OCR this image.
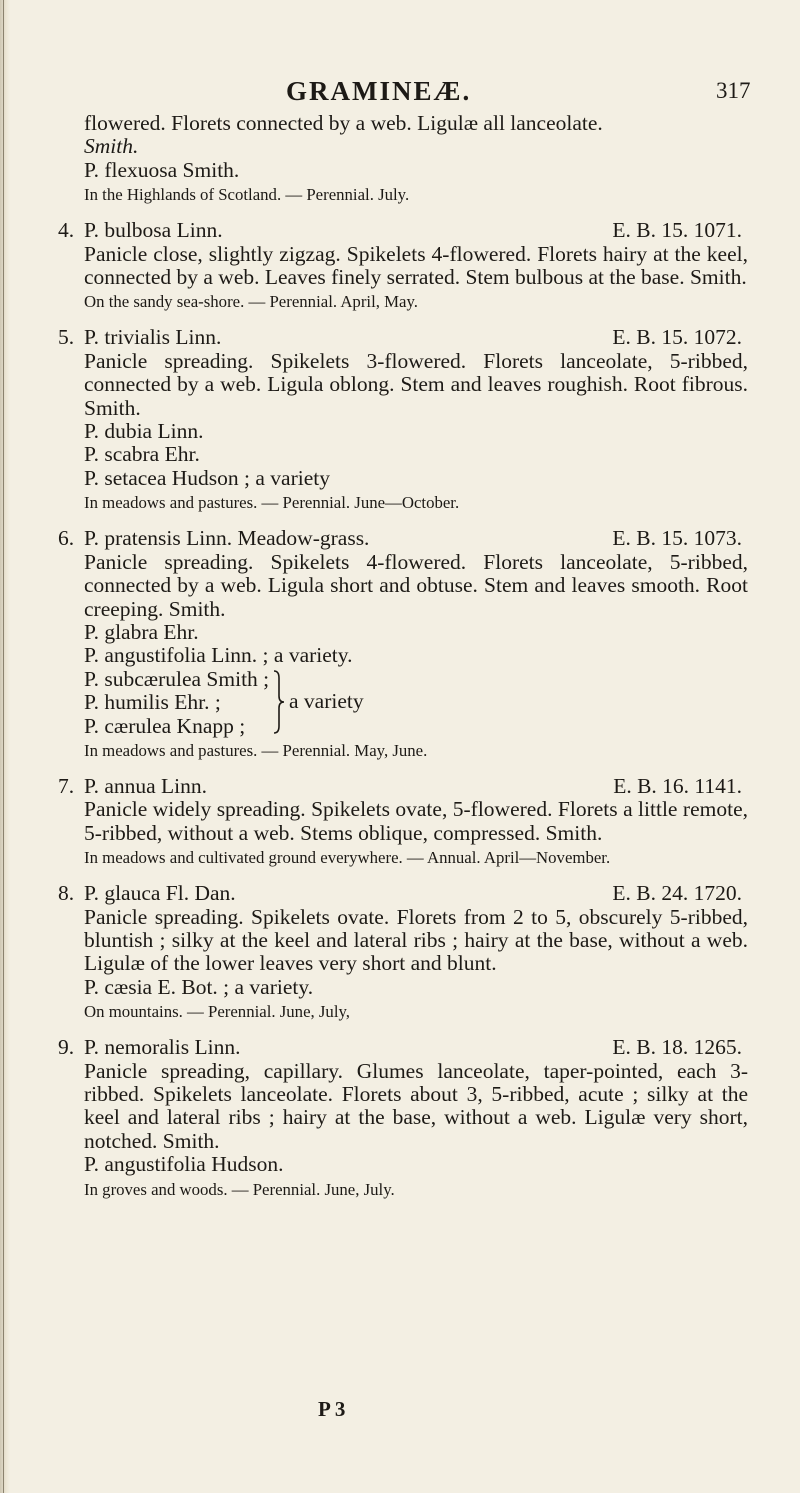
GRAMINEÆ.	317

flowered. Florets connected by a web. Ligulæ all lanceolate.

Smith.

P. flexuosa Smith.

In the Highlands of Scotland. — Perennial. July.

4. P. bulbosa Linn.	E. B. 15. 1071.

Panicle close, slightly zigzag. Spikelets 4-flowered. Florets hairy at the keel, connected by a web. Leaves finely serrated. Stem bulbous at the base. Smith.

On the sandy sea-shore. — Perennial. April, May.

5. P. trivialis Linn.	E. B. 15. 1072.

Panicle spreading. Spikelets 3-flowered. Florets lanceolate, 5-ribbed, connected by a web. Ligula oblong. Stem and leaves roughish. Root fibrous. Smith.

P. dubia Linn.

P. scabra Ehr.

P. setacea Hudson ; a variety

In meadows and pastures. — Perennial. June—October.

6. P. pratensis Linn. Meadow-grass.	E. B. 15. 1073.

Panicle spreading. Spikelets 4-flowered. Florets lanceolate, 5-ribbed, connected by a web. Ligula short and obtuse. Stem and leaves smooth. Root creeping. Smith.

P. glabra Ehr.

P. angustifolia Linn. ; a variety.

P. subcærulea Smith ;

P. humilis Ehr. ;

P. cærulea Knapp ;

a variety

In meadows and pastures. — Perennial. May, June.

7. P. annua Linn.	E. B. 16. 1141.

Panicle widely spreading. Spikelets ovate, 5-flowered. Florets a little remote, 5-ribbed, without a web. Stems oblique, compressed. Smith.

In meadows and cultivated ground everywhere. — Annual. April—November.

8. P. glauca Fl. Dan.	E. B. 24. 1720.

Panicle spreading. Spikelets ovate. Florets from 2 to 5, obscurely 5-ribbed, bluntish ; silky at the keel and lateral ribs ; hairy at the base, without a web. Ligulæ of the lower leaves very short and blunt.

P. cæsia E. Bot. ; a variety.

On mountains. — Perennial. June, July,

9. P. nemoralis Linn.	E. B. 18. 1265.

Panicle spreading, capillary. Glumes lanceolate, taper-pointed, each 3-ribbed. Spikelets lanceolate. Florets about 3, 5-ribbed, acute ; silky at the keel and lateral ribs ; hairy at the base, without a web. Ligulæ very short, notched. Smith.

P. angustifolia Hudson.

In groves and woods. — Perennial. June, July.

P 3
